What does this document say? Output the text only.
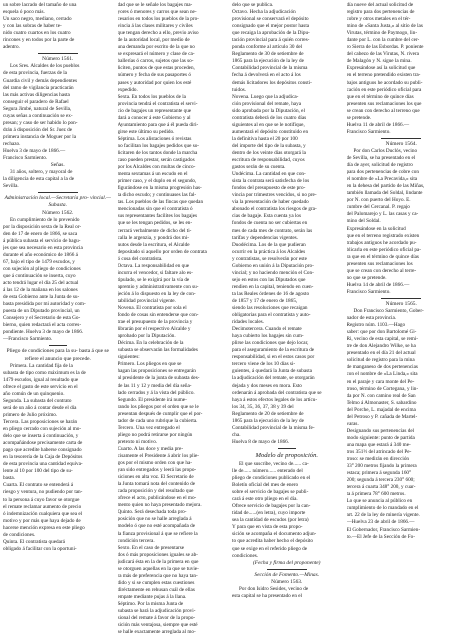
un sobre lacrado del tamaño de una
esquela ó poco más.
Un saco negro, mediano, cerrado
y con las sobras de haber te-
nido cuatro cuartos en los cuatro
rincones y en todos por la parte de
adentro.

Número 1561.

Los Sres. Alcaldes de los pueblos
de esta provincia, fuerzas de la
Guardia civil y demás dependientes
del ramo de vigilancia practicarán
las más activas diligencias hasta
conseguir el paradero de Rafael
Segura Jimbé, natural de Sevilla,
cuyas señas a continuación se ex-
presan; y caso de ser habido lo pon-
drán á disposición del Sr. Juez de
primera instancia de Moguer por la
rechazo.
Huelva 3 de mayo de 1866.—
Francisco Sarmiento.

Señas.

31 años, soltero, y mayoral de
la diligencia de esta capital a la de
Sevilla.

Administración local.—Secretaría pro- vincial.—Subasta.

Número 1562.

En cumplimiento de lo prevenido
por la disposición sexta de la Real or-
den de 17 de enero de 1866, se saca
á pública subasta el servicio de bagu-
jes que sea necesario en esta provincia
durante el año económico de 1866 á
67, bajo el tipo de 1479 escudos, y
con sujeción al pliego de condiciones
que á continuación se inserta, cuyo
acto tendrá lugar el día 25 del actual
á las 12 de la mañana en los salones
de esta Gobierno ante la Junta de su-
basta presidida por mi autoridad y com-
puesta de un Diputado provincial, un
Consejero y el Secretario de esta Go-
bierno, quien redactará el acta corres-
pondiente. Huelva 3 de mayo de 1866.
—Francisco Sarmiento.

Pliego de condiciones para la su- basta á que se refiere el anuncio que precede.

Primera. La cantidad fija de la
subasta de tipo como máximum es la de
1479 escudos, igual al resultado que
ofrece el gasto de este servicio en el
año común de un quinquenio.
Segunda. La subasta del contrato
será de un año á contar desde el día
primero de Julio próximo.
Tercera. Las proposiciones se harán
en pliego cerrado con sujeción al mo-
delo que se inserta á continuación, y
acompañándose precisamente carta de
pago que acredite haberse consignado
en la tesorería de la Caja de Depósitos
de esta provincia una cantidad equiva-
lente al 10 por 100 del tipo de su-
basta.
Cuarta. El contrato se entenderá á
riesgo y ventura, no pudiendo por tan-
to la persona á cuyo favor se otorgue
el remate reclamar aumento de precio
ó indemnización cualquiera que sea el
motivo y por más que haya dejado de
hacerse mención expresa en este pliego
de condiciones.
Quinta. El contratista quedará
obligado á facilitar con la oportuni-

dad que se le señale los bagajes ma-
yores ó menores y carros que sean ne-
cesarios en todos los pueblos de la pro-
vincia á las clases militares y civiles
que tengan derecho a ello, previo aviso
de la autoridad local, por medio de
una demanda por escrito de la que no
se expresará el número y clase de ca-
ballerías ó carros, sujetos que las so-
liciten, puntos de que estas proceden,
número y fecha de sus pasaportes ó
pases y autoridad por quien los esté
expedido.
Sexta. En todos los pueblos de la
provincia tendrá el contratista el servi-
cio de bagajes un representante que
dará a conocer á este Gobierno y al
Ayuntamiento para que á él pueda diri-
girse este último su pedido.
Séptima. Los alistaciones ó revistas
no facilitan los bagajes pedidos que so-
licitaren de los tantos donde la marcha
caso pueden prestar, serán castigados
por los Alcaldes con multas de cinco-
menta sextamas á un escudo en el
primer caso, y el duplo en el segundo,
figurándose en la misma progresión has-
ta dicho escudo; y continuases las fal-
tas. Los pueblos de las fincas que quedan
mencionadas sin que el contratista ó
sus representantes facilites los bagajes
que se les tengan pedidos, se les en-
cerrará verbalmente de dicho del ti-
calla le argenzia, y pondrá dos mi-
nutos desde la escritura, el Alcalde
depositado si aquello por orden de contrata
ó cosa del contratista.
Octava. La responsabilidad en que
incurra el vencedor, si faltare alo es-
tipulado, se le exigirá por la vía de
apremio y administrativamente con su-
jeción á lo dispuesto en la ley de con-
tabilidad provincial vigente.
Novena. El contratista por sola el
fondo de cosas sin entenderse que con-
trae el presupuesto de la provincia y
librarán por el respectivo Alcalde y
aprobado por la Diputación.
Décima. En la celebración de la
subasta se observarán las formalidades
siguientes:
Primero. Los pliegos en que se
hagan las proposiciones se entregarán
al presidente de la junta de subasta des-
de las 11 y 12 y media del día seña-
lado cerrados y á la vista del público.
Segundo. El presidente irá nume-
rando los pliegos por el orden que se le
presentan después de cumplir que el por-
tador de cada uno rubrique la cubierta.
Tercero. Una vez entregado el
pliego no podrá retirarse por ningún
pretexto ni motivo.
Cuarto. A las doce y media pre-
cisamente el Presidente á abrir los plie-
gos por el mismo orden con que ha-
yan sido entregados y leerá las propo-
siciones en alta voz. El Secretario de
la Junta tomará nota del contenido de
cada proposición y del resultado que
ofrece el acto, publicándose en el mo-
mento quien no haya presentado mejora.
Quinto. Será desechada toda pro-
posición que no se halle arreglada á
modelo ó que no esté acompañada de
la fianza provisional á que se refiere la
condición tercera.
Sexto. En el caso de presentarse
dos ó más proposiciones iguales se ab-
judicará ésta en la de la primera en que
se otorguen aquellas en la que se tuvie-
ra más de preferencia que no haya tan-
dido y si se cumplen estas cuestiones
diréctamente en rehusan cuál de ellas
empate mediante pujas á la llana.
Séptimo. Por la misma Junta de
subasta se hará la adjudicación provi-
sional del remate á favor de la propo-
sición más ventajosa, siempre que esté
se halle exactamente arreglada al mo-

delo que se publica.
Octavo. Hecha la adjudicación
provisional se conservará el depósito
consignado que el mejor postor hasta
que recaiga la aprobación de la Dipu-
tación provincial para á quién corres-
ponda conforme al artículo 30 del
Reglamento de 30 de setiembre de
1865 para la ejecución de la ley de
Contabilidad provincial de la misma
fecha á devolverá en el acto á los
demás licitadores los depósitos consti-
tuidos.
Novena. Luego que la adjudica-
ción provisional del remate, haya
sido aprobada por la Diputación, el
contratista deberá de los cuatro días
siguientes al en que se le notifique,
aumentará el depósito constituido en
la definitiva hasta el 20 por 100
del importe del tipo de la subasta, y
dentro de los veinte días otorgará la
escritura de responsabilidad, cuyos
gastos serán de su cuenta.
Undécima. La cantidad en que con-
sista la contrata será satisfecha de los
fondos del presupuesto de este pro-
vincia por trimestres vencidos, si no pre-
via la presentación de haber quedado
abonado el contratista los riesgos de gra-
cias de bagaje. Esta cuenta ya los
fondos de cuenta no ser cubiertas en
mes de cada mes de contrato, serán las
tarifas y dependencias vigentes.
Duodécima. Los de la que pudieran
ocurrir en la práctica á los Alcaldes
y contratistas, se resolverán por este
Gobierno en unión á la Diputación pro-
vincial; y no haciendo mención el Con-
sejo en estos con las Diputados que
rendien en la capital, teniendo en cuen-
ta las Reales órdenes de 16 de agosto
de 1857 y 17 de enero de 1865,
siendo las resoluciones que recaigan
obligatorias para el contratista y auto-
ridades locales.
Decimotercera. Cuando el remate
haya cubierto los bagajes sin cum-
plirse las condiciones que dejo locar,
para el aseguramiento de la escritura de
responsabilidad, si en el estos casos por
tercero viene de los 10 días si-
guientes, á quedará la Junta de subasta
la adjudicación del remate, se otorgarán
dejada y dos meses en mora. Esto
ordenarán á aprobada del contratista que se
haya á estos efectos legales de los artícu-
los 34, 35, 36, 37, 38 y 39 del
Reglamento de 20 de setiembre de
1865 para la ejecución de la ley de
Contabilidad provincial de la misma fe-
cha.
Huelva 8 de mayo de 1866.

Modelo de proposición.

El que suscribe, vecino de...... ca-
lle de...... número...... enterado del
pliego de condiciones publicado en el
Boletín oficial del mes de enero
sobre el servicio de bagajes se publi-
cará á este otro pliego en el día.
Ofrece servicio de bagajes por la can-
tidad de......(en letra), cuyo importe
sea la cantidad de escudos (por letra)
Y para que en vista de esta propo-
sición se acompaña el documento adjun-
to que acredita haber hecho el depósito
que se exige en el referido pliego de
condiciones.

(Fecha y firma del proponente)

Sección de Fomento.—Minas.

Número 1563.

Por don Isidro Sesides, vecino de
esta capital se ha presentado en el

día nueve del actual solicitud de
registro para dos pertenencias de
cobre y otros metales en el tér-
mino de «Santa Justa,» al sitio de las
Virutas, término de Paymogo, lin-
dante por L. con la cumbre del cer-
ro Sierra de las Esbordas. P. poniente
del cabezo de las Virutas, N. rivera
de Malagón y N. sigue la mina.
Expresándose así la solicitud que
en el terreno pretendido existen tra-
bajos antiguos he acordado su publi-
cación en este periódico oficial para
que en el término de quince días
presenten sus reclamaciones los que
se crean con derecho al terreno que
se pretende.
Huelva 11 de abril de 1866.—
Francisco Sarmiento.

Número 1564.

Por don Carlos Duclós, vecino
de Sevilla, se ha presentado en el
día de ayer, solicitud de registro
para dos pertenencias de cobre con
el nombre de «La Precavida,» sita
en la dehesa del partido de las Miñas,
también llamada del Soldal, lindante
por N. con puerto del Hoyo. E.
cumbre del Cercanal. P. regajo
del Palomarejo y L. las casas y ca-
mino del Soldal.
Expresándose en la solicitud
que en el terreno registrado existen
trabajos antiguos he acordado pu-
blicarla en este periódico oficial pa-
ra que en el término de quince días
presenten sus reclamaciones los
que se crean con derecho al terre-
no que se pretende.
Huelva 14 de abril de 1866.—
Francisco Sarmiento.

Número 1565.

Don Francisco Sarmiento, Gober-
nador de esta provincia.
Registro núm. 1103.—Hago
saber: que por don Bartolomé Gi-
Ri, vecino de esta capital, se remi-
tre de don Alejandro Wilke, se ha
presentado en el día 21 del actual
solicitud de registro para la mina
de manganeso de dos pertenencias
con el nombre de «La Linda,» sita
en el paraje y cara monte del Pe-
troso, término de Cortegana, y lin-
da por N. con camino real de San
Telmo á Almonaster, S. sabardino
del Porche, L. majadal de encima
del Petroso y P. cañada de Martel-
varas.
Designando sus pertenencias del
modo siguiente: punto de partida
una mapa que estará á 340 me-
tros 351½ del atrincado del Pe-
troso: se medirán en dirección
33° 200 metros fijando la primera
estaca; primera á segunda 160°
200; segunda á tercera 230° 600;
tercera á cuarta 348° 200, y cuar-
ta á primera 78° 600 metros.
Lo que se anuncia al público en
cumplimiento de lo mandado en el
art. 22 de la ley de minería vigente.
—Huelva 23 de abril de 1866.—
El Gobernador, Francisco Sarmien-
to.—El Jefe de la Sección de Fo-
